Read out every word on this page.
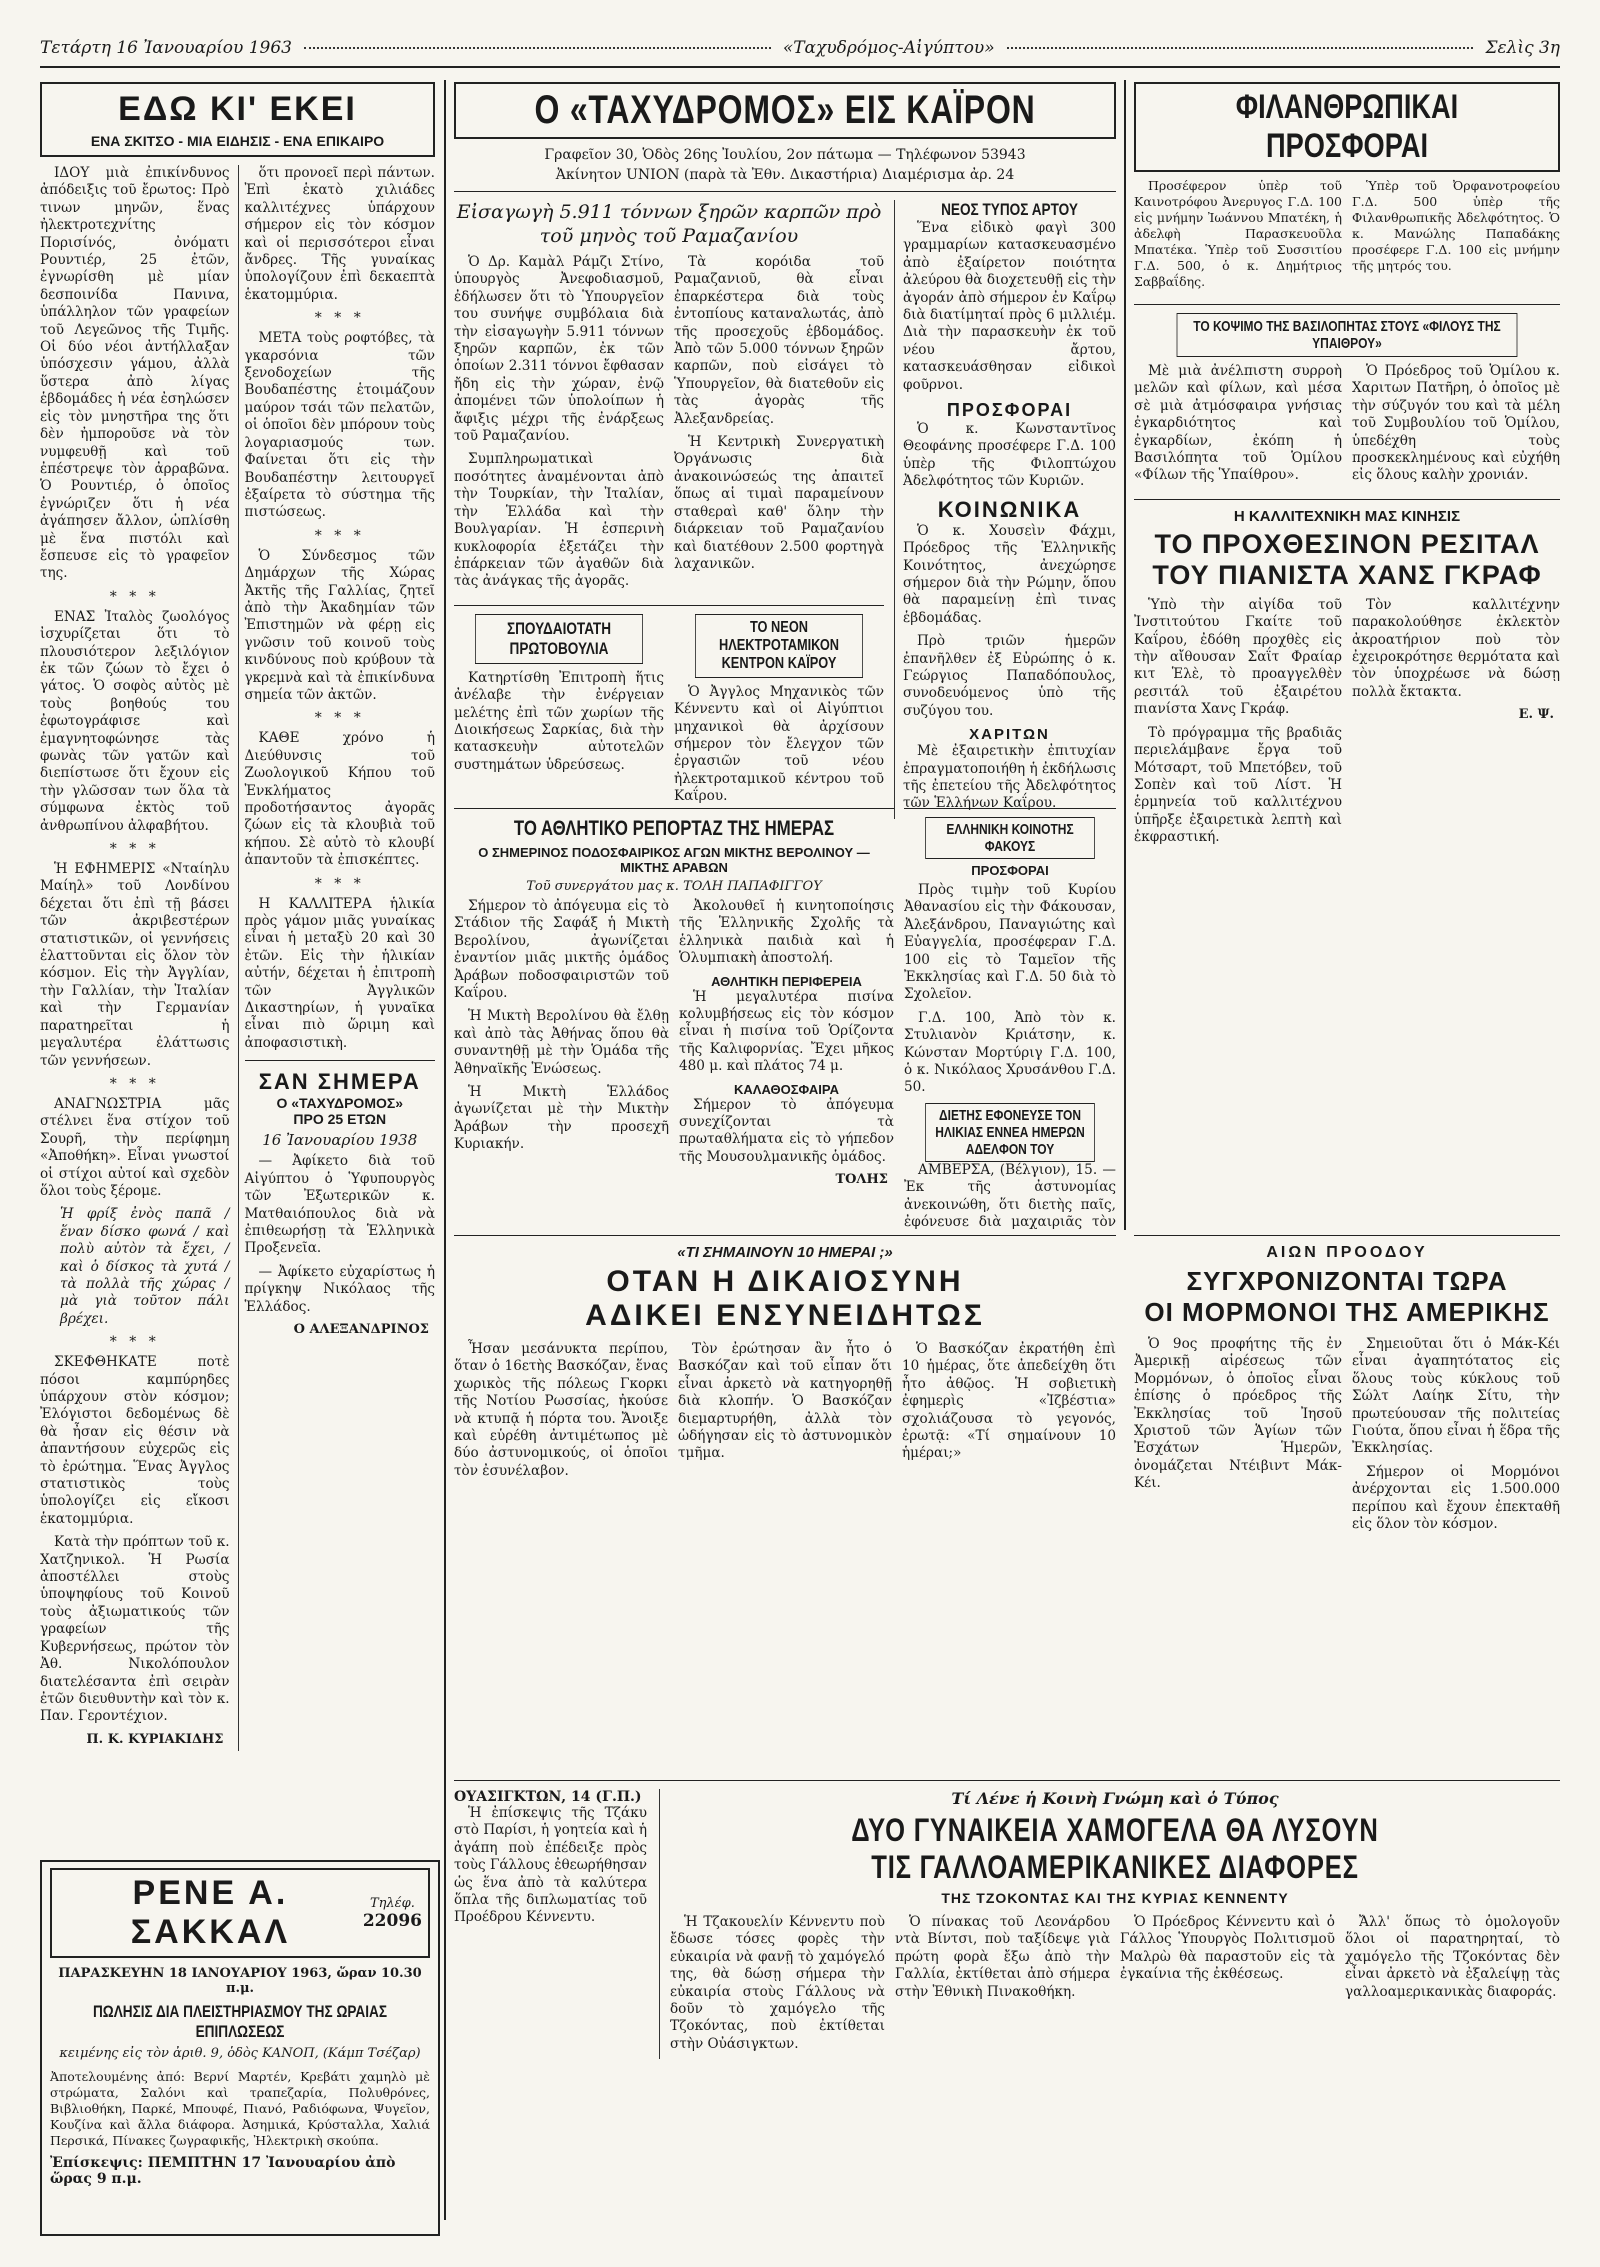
Τετάρτη 16 Ἰανουαρίου 1963	«Ταχυδρόμος-Αἰγύπτου»	Σελὶς 3η
ΕΔΩ ΚΙ' ΕΚΕΙ
ΕΝΑ ΣΚΙΤΣΟ - ΜΙΑ ΕΙΔΗΣΙΣ - ΕΝΑ ΕΠΙΚΑΙΡΟ

ΙΔΟΥ μιὰ ἐπικίνδυνος ἀπόδειξις τοῦ ἔρωτος: Πρὸ τινων μηνῶν, ἕνας ἠλεκτροτεχνίτης Πορισίνός, ὀνόματι Ρουντιέρ, 25 ἐτῶν, ἐγνωρίσθη μὲ μίαν δεσποινίδα Πανινα, ὑπάλληλον τῶν γραφείων τοῦ Λεγεῶνος τῆς Τιμῆς. Οἱ δύο νέοι ἀντήλλαξαν ὑπόσχεσιν γάμου, ἀλλὰ ὕστερα ἀπὸ λίγας ἑβδομάδες ἡ νέα ἐσηλώσεν εἰς τὸν μνηστῆρα της ὅτι δὲν ἠμποροῦσε νὰ τὸν νυμφευθῇ καὶ τοῦ ἐπέστρεψε τὸν ἀρραβῶνα. Ὁ Ρουντιέρ, ὁ ὁποῖος ἐγνώριζεν ὅτι ἡ νέα ἀγάπησεν ἄλλον, ὡπλίσθη μὲ ἕνα πιστόλι καὶ ἔσπευσε εἰς τὸ γραφεῖον της.

* * *

ΕΝΑΣ Ἰταλὸς ζωολόγος ἰσχυρίζεται ὅτι τὸ πλουσιότερον λεξιλόγιον ἐκ τῶν ζώων τὸ ἔχει ὁ γάτος. Ὁ σοφὸς αὐτὸς μὲ τοὺς βοηθούς του ἐφωτογράφισε καὶ ἐμαγνητοφώνησε τὰς φωνὰς τῶν γατῶν καὶ διεπίστωσε ὅτι ἔχουν εἰς τὴν γλῶσσαν των ὅλα τὰ σύμφωνα ἐκτὸς τοῦ ἀνθρωπίνου ἀλφαβήτου.

* * *

Ἡ ΕΦΗΜΕΡΙΣ «Νταίηλυ Μαίηλ» τοῦ Λονδίνου δέχεται ὅτι ἐπὶ τῇ βάσει τῶν ἀκριβεστέρων στατιστικῶν, οἱ γεννήσεις ἐλαττοῦνται εἰς ὅλον τὸν κόσμον. Εἰς τὴν Ἀγγλίαν, τὴν Γαλλίαν, τὴν Ἰταλίαν καὶ τὴν Γερμανίαν παρατηρεῖται ἡ μεγαλυτέρα ἐλάττωσις τῶν γεννήσεων.

* * *

ΑΝΑΓΝΩΣΤΡΙΑ μᾶς στέλνει ἕνα στίχον τοῦ Σουρῆ, τὴν περίφημη «Ἀποθήκη». Εἶναι γνωστοί οἱ στίχοι αὐτοί καὶ σχεδὸν ὅλοι τοὺς ξέρομε.

Ἡ φρίξ ἐνὸς παπᾶ / ἕναν δίσκο φωνά / καὶ πολὺ αὐτὸν τὰ ἔχει, / καὶ ὁ δίσκος τὰ χυτά / τὰ πολλὰ τῆς χώρας / μὰ γιὰ τοῦτον πάλι βρέχει.

* * *

ΣΚΕΦΘΗΚΑΤΕ ποτὲ πόσοι καμπύρηδες ὑπάρχουν στὸν κόσμον; Ἐλόγιστοι δεδομένως δὲ θὰ ἦσαν εἰς θέσιν νὰ ἀπαντήσουν εὐχερῶς εἰς τὸ ἐρώτημα. Ἕνας Ἀγγλος στατιστικὸς τοὺς ὑπολογίζει εἰς εἴκοσι ἑκατομμύρια.

Κατὰ τὴν πρόπτων τοῦ κ. Χατζηνικολ. Ἡ Ρωσία ἀποστέλλει στοὺς ὑποψηφίους τοῦ Κοινοῦ τοὺς ἀξιωματικούς τῶν γραφείων τῆς Κυβερνήσεως, πρώτον τὸν Ἀθ. Νικολόπουλον διατελέσαντα ἐπὶ σειρὰν ἐτῶν διευθυντὴν καὶ τὸν κ. Παν. Γεροντέχιον.

Π. Κ. ΚΥΡΙΑΚΙΔΗΣ

ὅτι προνοεῖ περὶ πάντων. Ἐπὶ ἑκατὸ χιλιάδες καλλιτέχνες ὑπάρχουν σήμερον εἰς τὸν κόσμον καὶ οἱ περισσότεροι εἶναι ἄνδρες. Τῆς γυναίκας ὑπολογίζουν ἐπὶ δεκαεπτὰ ἑκατομμύρια.

* * *

ΜΕΤΑ τοὺς ροφτόβες, τὰ γκαρσόνια τῶν ξενοδοχείων τῆς Βουδαπέστης ἑτοιμάζουν μαύρον τσάι τῶν πελατῶν, οἱ ὁποῖοι δὲν μπόρουν τοὺς λογαριασμούς των. Φαίνεται ὅτι εἰς τὴν Βουδαπέστην λειτουργεῖ ἐξαίρετα τὸ σύστημα τῆς πιστώσεως.

* * *

Ὁ Σύνδεσμος τῶν Δημάρχων τῆς Χώρας Ἀκτῆς τῆς Γαλλίας, ζητεῖ ἀπὸ τὴν Ἀκαδημίαν τῶν Ἐπιστημῶν νὰ φέρῃ εἰς γνῶσιν τοῦ κοινοῦ τοὺς κινδύνους ποὺ κρύβουν τὰ γκρεμνὰ καὶ τὰ ἐπικίνδυνα σημεία τῶν ἀκτῶν.

* * *

ΚΑΘΕ χρόνο ἡ Διεύθυνσις τοῦ Ζωολογικοῦ Κήπου τοῦ Ἐνκλήματος προδοτήσαντος ἀγορᾶς ζώων εἰς τὰ κλουβιὰ τοῦ κήπου. Σὲ αὐτὸ τὸ κλουβί ἀπαντοῦν τὰ ἐπισκέπτες.

* * *

Η ΚΑΛΛΙΤΕΡΑ ἡλικία πρὸς γάμον μιᾶς γυναίκας εἶναι ἡ μεταξὺ 20 καὶ 30 ἐτῶν. Εἰς τὴν ἡλικίαν αὐτήν, δέχεται ἡ ἐπιτροπὴ τῶν Ἀγγλικῶν Δικαστηρίων, ἡ γυναῖκα εἶναι πιὸ ὥριμη καὶ ἀποφασιστικὴ.

ΣΑΝ ΣΗΜΕΡΑ
Ο «ΤΑΧΥΔΡΟΜΟΣ»
ΠΡΟ 25 ΕΤΩΝ
16 Ἰανουαρίου 1938

— Ἀφίκετο διὰ τοῦ Αἰγύπτου ὁ Ὑφυπουργὸς τῶν Ἐξωτερικῶν κ. Ματθαιόπουλος διὰ νὰ ἐπιθεωρήσῃ τὰ Ἑλληνικὰ Προξενεῖα.

— Ἀφίκετο εὐχαρίστως ἡ πρίγκηψ Νικόλαος τῆς Ἑλλάδος.

Ο ΑΛΕΞΑΝΔΡΙΝΟΣ
ΡΕΝΕ Α. ΣΑΚΚΑΛ
Τηλέφ.
22096
ΠΑΡΑΣΚΕΥΗΝ 18 ΙΑΝΟΥΑΡΙΟΥ 1963, ὥραν 10.30 π.μ.
ΠΩΛΗΣΙΣ ΔΙΑ ΠΛΕΙΣΤΗΡΙΑΣΜΟΥ ΤΗΣ ΩΡΑΙΑΣ ΕΠΙΠΛΩΣΕΩΣ
κειμένης εἰς τὸν ἀριθ. 9, ὁδὸς ΚΑΝΟΠ, (Κάμπ Τσέζαρ)

Ἀποτελουμένης ἀπό: Βερνί Μαρτέν, Κρεβάτι χαμηλὸ μὲ στρώματα, Σαλόνι καὶ τραπεζαρία, Πολυθρόνες, Βιβλιοθήκη, Παρκέ, Μπουφέ, Πιανό, Ραδιόφωνα, Ψυγεῖον, Κουζίνα καὶ ἄλλα διάφορα. Ἀσημικά, Κρύσταλλα, Χαλιά Περσικά, Πίνακες ζωγραφικῆς, Ἠλεκτρικὴ σκούπα.

Ἐπίσκεψις: ΠΕΜΠΤΗΝ 17 Ἰανουαρίου ἀπὸ ὥρας 9 π.μ.
Ο «ΤΑΧΥΔΡΟΜΟΣ» ΕΙΣ ΚΑΪΡΟΝ
Γραφεῖον 30, Ὁδὸς 26ης Ἰουλίου, 2ον πάτωμα — Τηλέφωνον 53943
Ἀκίνητον UNION (παρὰ τὰ Ἐθν. Δικαστήρια) Διαμέρισμα ἀρ. 24
Εἰσαγωγὴ 5.911 τόννων ξηρῶν καρπῶν πρὸ τοῦ μηνὸς τοῦ Ραμαζανίου

Ὁ Δρ. Καμὰλ Ράμζι Στίνο, ὑπουργὸς Ἀνεφοδιασμοῦ, ἐδήλωσεν ὅτι τὸ Ὑπουργεῖον του συνήψε συμβόλαια διὰ τὴν εἰσαγωγὴν 5.911 τόννων ξηρῶν καρπῶν, ἐκ τῶν ὁποίων 2.311 τόννοι ἔφθασαν ἤδη εἰς τὴν χώραν, ἐνῷ ἀπομένει τῶν ὑπολοίπων ἡ ἄφιξις μέχρι τῆς ἐνάρξεως τοῦ Ραμαζανίου.

Συμπληρωματικαὶ ποσότητες ἀναμένονται ἀπὸ τὴν Τουρκίαν, τὴν Ἰταλίαν, τὴν Ἑλλάδα καὶ τὴν Βουλγαρίαν. Ἡ ἑσπερινὴ κυκλοφορία ἐξετάζει τὴν ἐπάρκειαν τῶν ἀγαθῶν διὰ τὰς ἀνάγκας τῆς ἀγορᾶς.

Τὰ κορόιδα τοῦ Ραμαζανιοῦ, θὰ εἶναι ἐπαρκέστερα διὰ τοὺς ἐντοπίους καταναλωτάς, ἀπὸ τῆς προσεχοῦς ἑβδομάδος. Ἀπὸ τῶν 5.000 τόννων ξηρῶν καρπῶν, ποὺ εἰσάγει τὸ Ὑπουργεῖον, θὰ διατεθοῦν εἰς τὰς ἀγορὰς τῆς Ἀλεξανδρείας.

Ἡ Κεντρικὴ Συνεργατικὴ Ὀργάνωσις διὰ ἀνακοινώσεώς της ἀπαιτεῖ ὅπως αἱ τιμαὶ παραμείνουν σταθεραὶ καθ' ὅλην τὴν διάρκειαν τοῦ Ραμαζανίου καὶ διατέθουν 2.500 φορτηγὰ λαχανικῶν.

ΣΠΟΥΔΑΙΟΤΑΤΗ ΠΡΩΤΟΒΟΥΛΙΑ

Κατηρτίσθη Ἐπιτροπὴ ἥτις ἀνέλαβε τὴν ἐνέργειαν μελέτης ἐπὶ τῶν χωρίων τῆς Διοικήσεως Σαρκίας, διὰ τὴν κατασκευὴν αὐτοτελῶν συστημάτων ὑδρεύσεως.

ΤΟ ΝΕΟΝ ΗΛΕΚΤΡΟΤΑΜΙΚΟΝ ΚΕΝΤΡΟΝ ΚΑΪΡΟΥ

Ὁ Ἀγγλος Μηχανικὸς τῶν Κέννεντυ καὶ οἱ Αἰγύπτιοι μηχανικοὶ θὰ ἀρχίσουν σήμερον τὸν ἔλεγχον τῶν ἐργασιῶν τοῦ νέου ἠλεκτροταμικοῦ κέντρου τοῦ Καΐρου.

ΝΕΟΣ ΤΥΠΟΣ ΑΡΤΟΥ

Ἕνα εἰδικὸ φαγὶ 300 γραμμαρίων κατασκευασμένο ἀπὸ ἐξαίρετον ποιότητα ἀλεύρου θὰ διοχετευθῇ εἰς τὴν ἀγοράν ἀπὸ σήμερον ἐν Καΐρῳ διὰ διατίμηταί πρὸς 6 μιλλιέμ. Διὰ τὴν παρασκευὴν ἐκ τοῦ νέου ἄρτου, κατασκευάσθησαν εἰδικοὶ φοῦρνοι.

ΠΡΟΣΦΟΡΑΙ

Ὁ κ. Κωνσταντῖνος Θεοφάνης προσέφερε Γ.Δ. 100 ὑπὲρ τῆς Φιλοπτώχου Ἀδελφότητος τῶν Κυριῶν.

ΚΟΙΝΩΝΙΚΑ

Ὁ κ. Χουσεὶν Φάχμι, Πρόεδρος τῆς Ἑλληνικῆς Κοινότητος, ἀνεχώρησε σήμερον διὰ τὴν Ρώμην, ὅπου θὰ παραμείνῃ ἐπὶ τινας ἑβδομάδας.

Πρὸ τριῶν ἡμερῶν ἐπανῆλθεν ἐξ Εὐρώπης ὁ κ. Γεώργιος Παπαδόπουλος, συνοδευόμενος ὑπὸ τῆς συζύγου του.

ΧΑΡΙΤΩΝ

Μὲ ἐξαιρετικὴν ἐπιτυχίαν ἐπραγματοποιήθη ἡ ἐκδήλωσις τῆς ἐπετείου τῆς Ἀδελφότητος τῶν Ἑλλήνων Καΐρου.

ΤΟ ΑΘΛΗΤΙΚΟ ΡΕΠΟΡΤΑΖ ΤΗΣ ΗΜΕΡΑΣ
Ο ΣΗΜΕΡΙΝΟΣ ΠΟΔΟΣΦΑΙΡΙΚΟΣ ΑΓΩΝ ΜΙΚΤΗΣ ΒΕΡΟΛΙΝΟΥ — ΜΙΚΤΗΣ ΑΡΑΒΩΝ
Τοῦ συνεργάτου μας κ. ΤΟΛΗ ΠΑΠΑΦΙΓΓΟΥ

Σήμερον τὸ ἀπόγευμα εἰς τὸ Στάδιον τῆς Σαφάξ ἡ Μικτὴ Βερολίνου, ἀγωνίζεται ἐναντίον μιᾶς μικτῆς ὁμάδος Ἀράβων ποδοσφαιριστῶν τοῦ Καΐρου.

Ἡ Μικτὴ Βερολίνου θὰ ἔλθῃ καὶ ἀπὸ τὰς Ἀθήνας ὅπου θὰ συναντηθῇ μὲ τὴν Ὁμάδα τῆς Ἀθηναϊκῆς Ἑνώσεως.

Ἡ Μικτὴ Ἑλλάδος ἀγωνίζεται μὲ τὴν Μικτὴν Ἀράβων τὴν προσεχῆ Κυριακήν.

Ἀκολουθεῖ ἡ κινητοποίησις τῆς Ἑλληνικῆς Σχολῆς τὰ ἑλληνικὰ παιδιὰ καὶ ἡ Ὁλυμπιακὴ ἀποστολή.

ΑΘΛΗΤΙΚΗ ΠΕΡΙΦΕΡΕΙΑ

Ἡ μεγαλυτέρα πισίνα κολυμβήσεως εἰς τὸν κόσμον εἶναι ἡ πισίνα τοῦ Ὁρίζοντα τῆς Καλιφορνίας. Ἔχει μῆκος 480 μ. καὶ πλάτος 74 μ.

ΚΑΛΑΘΟΣΦΑΙΡΑ

Σήμερον τὸ ἀπόγευμα συνεχίζονται τὰ πρωταθλήματα εἰς τὸ γήπεδον τῆς Μουσουλμανικῆς ὁμάδος.

ΤΟΛΗΣ
ΕΛΛΗΝΙΚΗ ΚΟΙΝΟΤΗΣ ΦΑΚΟΥΣ
ΠΡΟΣΦΟΡΑΙ

Πρὸς τιμὴν τοῦ Κυρίου Ἀθανασίου εἰς τὴν Φάκουσαν, Ἀλεξάνδρου, Παναγιώτης καὶ Εὐαγγελία, προσέφεραν Γ.Δ. 100 εἰς τὸ Ταμεῖον τῆς Ἐκκλησίας καὶ Γ.Δ. 50 διὰ τὸ Σχολεῖον.

Γ.Δ. 100, Ἀπὸ τὸν κ. Στυλιανὸν Κριάτσην, κ. Κώνσταν Μορτύριγ Γ.Δ. 100, ὁ κ. Νικόλαος Χρυσάνθου Γ.Δ. 50.

ΔΙΕΤΗΣ ΕΦΟΝΕΥΣΕ ΤΟΝ ΗΛΙΚΙΑΣ ΕΝΝΕΑ ΗΜΕΡΩΝ ΑΔΕΛΦΟΝ ΤΟΥ

ΑΜΒΕΡΣΑ, (Βέλγιον), 15. — Ἐκ τῆς ἀστυνομίας ἀνεκοινώθη, ὅτι διετὴς παῖς, ἐφόνευσε διὰ μαχαιριᾶς τὸν

ΦΙΛΑΝΘΡΩΠΙΚΑΙ ΠΡΟΣΦΟΡΑΙ

Προσέφερον ὑπὲρ τοῦ Καινοτρόφου Ἀνερυγος Γ.Δ. 100 εἰς μνήμην Ἰωάννου Μπατέκη, ἡ ἀδελφὴ Παρασκευοῦλα Μπατέκα. Ὑπὲρ τοῦ Συσσιτίου Γ.Δ. 500, ὁ κ. Δημήτριος Σαββαΐδης.

Ὑπὲρ τοῦ Ὀρφανοτροφείου Γ.Δ. 500 ὑπὲρ τῆς Φιλανθρωπικῆς Ἀδελφότητος. Ὁ κ. Μανώλης Παπαδάκης προσέφερε Γ.Δ. 100 εἰς μνήμην τῆς μητρός του.

ΤΟ ΚΟΨΙΜΟ ΤΗΣ ΒΑΣΙΛΟΠΗΤΑΣ ΣΤΟΥΣ «ΦΙΛΟΥΣ ΤΗΣ ΥΠΑΙΘΡΟΥ»

Μὲ μιὰ ἀνέλπιστη συρροὴ μελῶν καὶ φίλων, καὶ μέσα σὲ μιὰ ἀτμόσφαιρα γνήσιας ἐγκαρδιότητος καὶ ἐγκαρδίων, ἐκόπη ἡ Βασιλόπητα τοῦ Ὁμίλου «Φίλων τῆς Ὑπαίθρου».

Ὁ Πρόεδρος τοῦ Ὁμίλου κ. Χαριτων Πατῆρη, ὁ ὁποῖος μὲ τὴν σύζυγόν του καὶ τὰ μέλη τοῦ Συμβουλίου τοῦ Ὁμίλου, ὑπεδέχθη τοὺς προσκεκλημένους καὶ εὐχήθη εἰς ὅλους καλὴν χρονιάν.

Η ΚΑΛΛΙΤΕΧΝΙΚΗ ΜΑΣ ΚΙΝΗΣΙΣ
ΤΟ ΠΡΟΧΘΕΣΙΝΟΝ ΡΕΣΙΤΑΛ
ΤΟΥ ΠΙΑΝΙΣΤΑ ΧΑΝΣ ΓΚΡΑΦ

Ὑπὸ τὴν αἰγίδα τοῦ Ἰνστιτούτου Γκαίτε τοῦ Καΐρου, ἐδόθη προχθὲς εἰς τὴν αἴθουσαν Σαΐτ Φραίαρ κιτ Ἑλὲ, τὸ προαγγελθὲν ρεσιτάλ τοῦ ἐξαιρέτου πιανίστα Χανς Γκράφ.

Τὸ πρόγραμμα τῆς βραδιᾶς περιελάμβανε ἔργα τοῦ Μότσαρτ, τοῦ Μπετόβεν, τοῦ Σοπὲν καὶ τοῦ Λίστ. Ἡ ἑρμηνεία τοῦ καλλιτέχνου ὑπῆρξε ἐξαιρετικὰ λεπτὴ καὶ ἐκφραστική.

Τὸν καλλιτέχνην παρακολούθησε ἐκλεκτὸν ἀκροατήριον ποὺ τὸν ἐχειροκρότησε θερμότατα καὶ τὸν ὑποχρέωσε νὰ δώσῃ πολλὰ ἔκτακτα.

Ε. Ψ.
«ΤΙ ΣΗΜΑΙΝΟΥΝ 10 ΗΜΕΡΑΙ ;»
ΟΤΑΝ Η ΔΙΚΑΙΟΣΥΝΗ
ΑΔΙΚΕΙ ΕΝΣΥΝΕΙΔΗΤΩΣ

Ἦσαν μεσάνυκτα περίπου, ὅταν ὁ 16ετὴς Βασκόζαν, ἕνας χωρικὸς τῆς πόλεως Γκορκι τῆς Νοτίου Ρωσσίας, ἠκούσε νὰ κτυπᾷ ἡ πόρτα του. Ἄνοιξε καὶ εὑρέθη ἀντιμέτωπος μὲ δύο ἀστυνομικούς, οἱ ὁποῖοι τὸν ἐσυνέλαβον.

Τὸν ἐρώτησαν ἂν ἦτο ὁ Βασκόζαν καὶ τοῦ εἶπαν ὅτι εἶναι ἀρκετὸ νὰ κατηγορηθῇ διὰ κλοπήν. Ὁ Βασκόζαν διεμαρτυρήθη, ἀλλὰ τὸν ὡδήγησαν εἰς τὸ ἀστυνομικὸν τμῆμα.

Ὁ Βασκόζαν ἐκρατήθη ἐπὶ 10 ἡμέρας, ὅτε ἀπεδείχθη ὅτι ἦτο ἀθῷος. Ἡ σοβιετικὴ ἐφημερὶς «Ἰζβέστια» σχολιάζουσα τὸ γεγονός, ἐρωτᾷ: «Τί σημαίνουν 10 ἡμέραι;»

ΑΙΩΝ ΠΡΟΟΔΟΥ
ΣΥΓΧΡΟΝΙΖΟΝΤΑΙ ΤΩΡΑ
ΟΙ ΜΟΡΜΟΝΟΙ ΤΗΣ ΑΜΕΡΙΚΗΣ

Ὁ 9ος προφήτης τῆς ἐν Ἀμερικῇ αἱρέσεως τῶν Μορμόνων, ὁ ὁποῖος εἶναι ἐπίσης ὁ πρόεδρος τῆς Ἐκκλησίας τοῦ Ἰησοῦ Χριστοῦ τῶν Ἁγίων τῶν Ἐσχάτων Ἡμερῶν, ὀνομάζεται Ντέιβιντ Μάκ-Κέι.

Σημειοῦται ὅτι ὁ Μάκ-Κέι εἶναι ἀγαπητότατος εἰς ὅλους τοὺς κύκλους τοῦ Σώλτ Λαίηκ Σίτυ, τὴν πρωτεύουσαν τῆς πολιτείας Γιούτα, ὅπου εἶναι ἡ ἕδρα τῆς Ἐκκλησίας.

Σήμερον οἱ Μορμόνοι ἀνέρχονται εἰς 1.500.000 περίπου καὶ ἔχουν ἐπεκταθῆ εἰς ὅλον τὸν κόσμον.

ΟΥΑΣΙΓΚΤΩΝ, 14 (Γ.Π.)

Ἡ ἐπίσκεψις τῆς Τζάκυ στὸ Παρίσι, ἡ γοητεία καὶ ἡ ἀγάπη ποὺ ἐπέδειξε πρὸς τοὺς Γάλλους ἐθεωρήθησαν ὡς ἕνα ἀπὸ τὰ καλύτερα ὅπλα τῆς διπλωματίας τοῦ Προέδρου Κέννεντυ.

Τί Λένε ἡ Κοινὴ Γνώμη καὶ ὁ Τύπος
ΔΥΟ ΓΥΝΑΙΚΕΙΑ ΧΑΜΟΓΕΛΑ ΘΑ ΛΥΣΟΥΝ
ΤΙΣ ΓΑΛΛΟΑΜΕΡΙΚΑΝΙΚΕΣ ΔΙΑΦΟΡΕΣ
ΤΗΣ ΤΖΟΚΟΝΤΑΣ ΚΑΙ ΤΗΣ ΚΥΡΙΑΣ ΚΕΝΝΕΝΤΥ

Ἡ Τζακουελίν Κέννεντυ ποὺ ἔδωσε τόσες φορὲς τὴν εὐκαιρία νὰ φανῇ τὸ χαμόγελό της, θὰ δώσῃ σήμερα τὴν εὐκαιρία στοὺς Γάλλους νὰ δοῦν τὸ χαμόγελο τῆς Τζοκόντας, ποὺ ἐκτίθεται στὴν Οὐάσιγκτων.

Ὁ πίνακας τοῦ Λεονάρδου ντὰ Βίντσι, ποὺ ταξίδεψε γιὰ πρώτη φορὰ ἔξω ἀπὸ τὴν Γαλλία, ἐκτίθεται ἀπὸ σήμερα στὴν Ἐθνικὴ Πινακοθήκη.

Ὁ Πρόεδρος Κέννεντυ καὶ ὁ Γάλλος Ὑπουργὸς Πολιτισμοῦ Μαλρὼ θὰ παραστοῦν εἰς τὰ ἐγκαίνια τῆς ἐκθέσεως.

Ἄλλ' ὅπως τὸ ὁμολογοῦν ὅλοι οἱ παρατηρηταί, τὸ χαμόγελο τῆς Τζοκόντας δὲν εἶναι ἀρκετὸ νὰ ἐξαλείψῃ τὰς γαλλοαμερικανικὰς διαφοράς.
